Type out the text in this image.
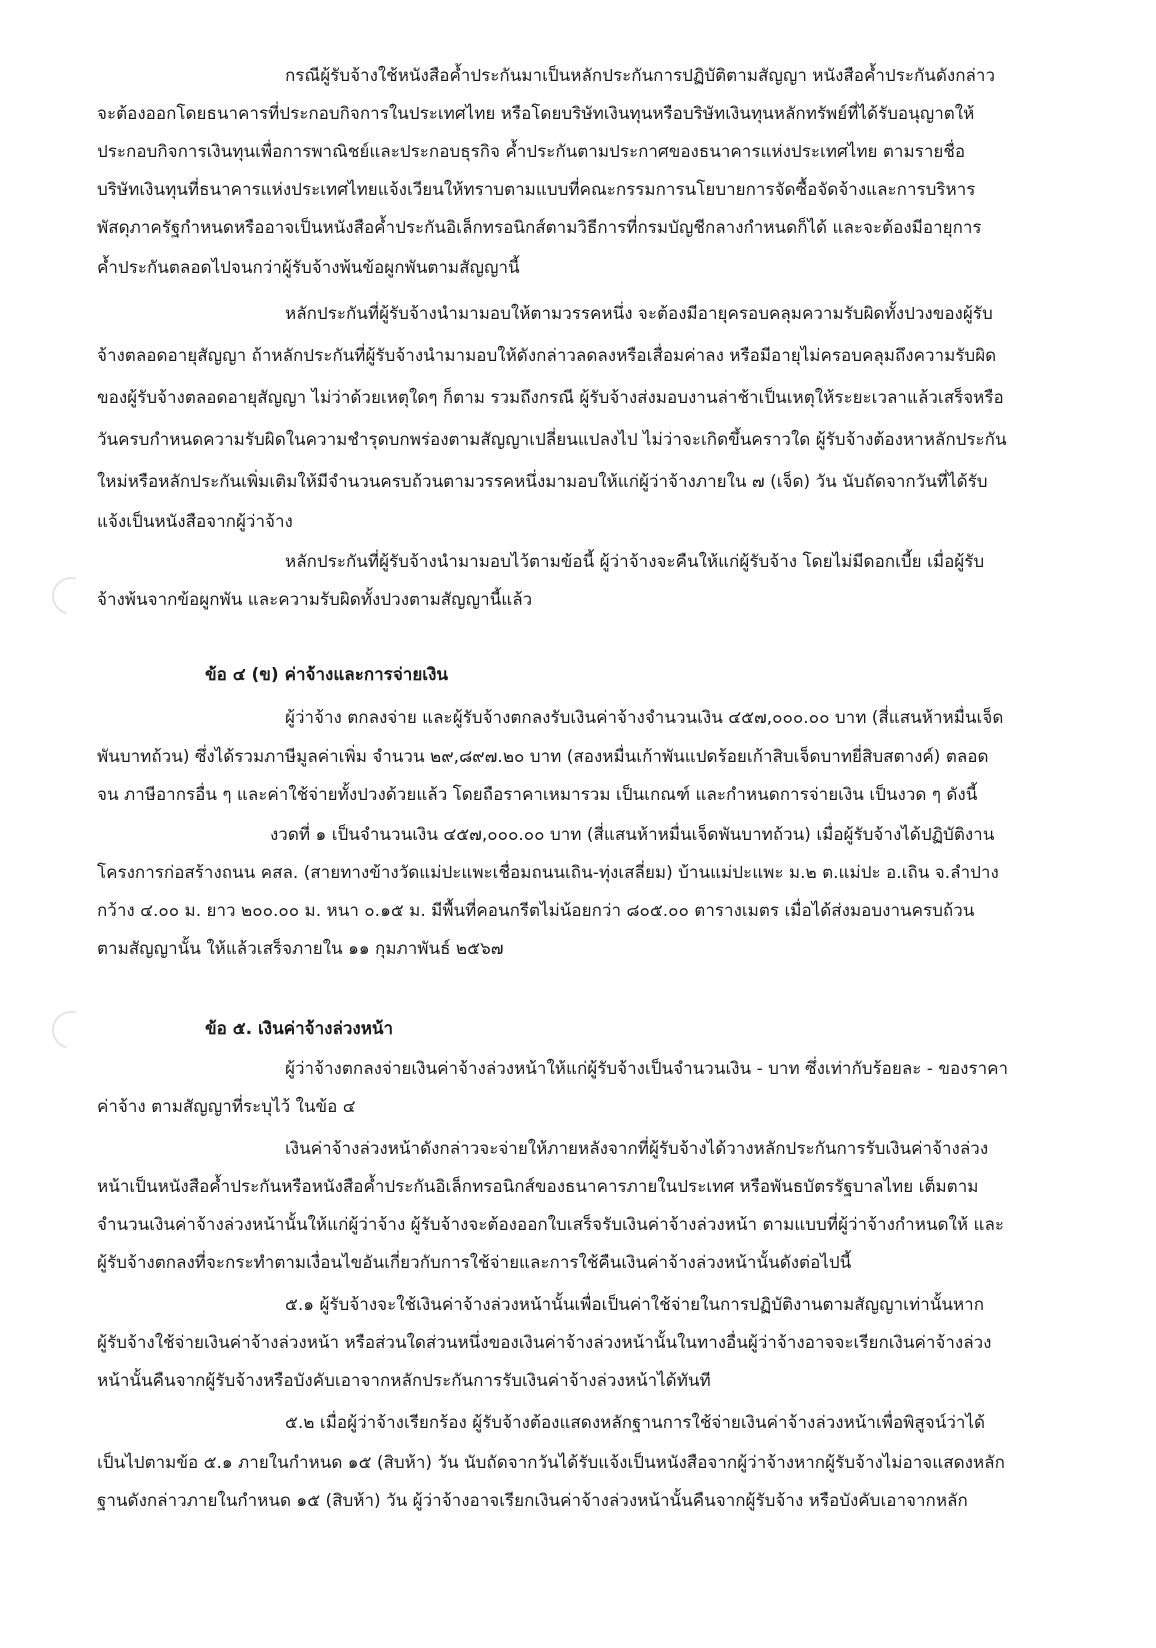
กรณีผู้รับจ้างใช้หนังสือค้ำประกันมาเป็นหลักประกันการปฏิบัติตามสัญญา หนังสือค้ำประกันดังกล่าว
จะต้องออกโดยธนาคารที่ประกอบกิจการในประเทศไทย หรือโดยบริษัทเงินทุนหรือบริษัทเงินทุนหลักทรัพย์ที่ได้รับอนุญาตให้
ประกอบกิจการเงินทุนเพื่อการพาณิชย์และประกอบธุรกิจ ค้ำประกันตามประกาศของธนาคารแห่งประเทศไทย ตามรายชื่อ
บริษัทเงินทุนที่ธนาคารแห่งประเทศไทยแจ้งเวียนให้ทราบตามแบบที่คณะกรรมการนโยบายการจัดซื้อจัดจ้างและการบริหาร
พัสดุภาครัฐกำหนดหรืออาจเป็นหนังสือค้ำประกันอิเล็กทรอนิกส์ตามวิธีการที่กรมบัญชีกลางกำหนดก็ได้ และจะต้องมีอายุการ
ค้ำประกันตลอดไปจนกว่าผู้รับจ้างพ้นข้อผูกพันตามสัญญานี้
หลักประกันที่ผู้รับจ้างนำมามอบให้ตามวรรคหนึ่ง จะต้องมีอายุครอบคลุมความรับผิดทั้งปวงของผู้รับ
จ้างตลอดอายุสัญญา ถ้าหลักประกันที่ผู้รับจ้างนำมามอบให้ดังกล่าวลดลงหรือเสื่อมค่าลง หรือมีอายุไม่ครอบคลุมถึงความรับผิด
ของผู้รับจ้างตลอดอายุสัญญา ไม่ว่าด้วยเหตุใดๆ ก็ตาม รวมถึงกรณี ผู้รับจ้างส่งมอบงานล่าช้าเป็นเหตุให้ระยะเวลาแล้วเสร็จหรือ
วันครบกำหนดความรับผิดในความชำรุดบกพร่องตามสัญญาเปลี่ยนแปลงไป ไม่ว่าจะเกิดขึ้นคราวใด ผู้รับจ้างต้องหาหลักประกัน
ใหม่หรือหลักประกันเพิ่มเติมให้มีจำนวนครบถ้วนตามวรรคหนึ่งมามอบให้แก่ผู้ว่าจ้างภายใน ๗ (เจ็ด) วัน นับถัดจากวันที่ได้รับ
แจ้งเป็นหนังสือจากผู้ว่าจ้าง
หลักประกันที่ผู้รับจ้างนำมามอบไว้ตามข้อนี้ ผู้ว่าจ้างจะคืนให้แก่ผู้รับจ้าง โดยไม่มีดอกเบี้ย เมื่อผู้รับ
จ้างพ้นจากข้อผูกพัน และความรับผิดทั้งปวงตามสัญญานี้แล้ว
ข้อ ๔ (ข) ค่าจ้างและการจ่ายเงิน
ผู้ว่าจ้าง ตกลงจ่าย และผู้รับจ้างตกลงรับเงินค่าจ้างจำนวนเงิน ๔๕๗,๐๐๐.๐๐ บาท (สี่แสนห้าหมื่นเจ็ด
พันบาทถ้วน) ซึ่งได้รวมภาษีมูลค่าเพิ่ม จำนวน ๒๙,๘๙๗.๒๐ บาท (สองหมื่นเก้าพันแปดร้อยเก้าสิบเจ็ดบาทยี่สิบสตางค์) ตลอด
จน ภาษีอากรอื่น ๆ และค่าใช้จ่ายทั้งปวงด้วยแล้ว โดยถือราคาเหมารวม เป็นเกณฑ์ และกำหนดการจ่ายเงิน เป็นงวด ๆ ดังนี้
งวดที่ ๑ เป็นจำนวนเงิน ๔๕๗,๐๐๐.๐๐ บาท (สี่แสนห้าหมื่นเจ็ดพันบาทถ้วน) เมื่อผู้รับจ้างได้ปฏิบัติงาน
โครงการก่อสร้างถนน คสล. (สายทางข้างวัดแม่ปะแพะเชื่อมถนนเถิน-ทุ่งเสลี่ยม) บ้านแม่ปะแพะ ม.๒ ต.แม่ปะ อ.เถิน จ.ลำปาง
กว้าง ๔.๐๐ ม. ยาว ๒๐๐.๐๐ ม. หนา ๐.๑๕ ม. มีพื้นที่คอนกรีตไม่น้อยกว่า ๘๐๕.๐๐ ตารางเมตร เมื่อได้ส่งมอบงานครบถ้วน
ตามสัญญานั้น ให้แล้วเสร็จภายใน ๑๑ กุมภาพันธ์ ๒๕๖๗
ข้อ ๕. เงินค่าจ้างล่วงหน้า
ผู้ว่าจ้างตกลงจ่ายเงินค่าจ้างล่วงหน้าให้แก่ผู้รับจ้างเป็นจำนวนเงิน - บาท ซึ่งเท่ากับร้อยละ - ของราคา
ค่าจ้าง ตามสัญญาที่ระบุไว้ ในข้อ ๔
เงินค่าจ้างล่วงหน้าดังกล่าวจะจ่ายให้ภายหลังจากที่ผู้รับจ้างได้วางหลักประกันการรับเงินค่าจ้างล่วง
หน้าเป็นหนังสือค้ำประกันหรือหนังสือค้ำประกันอิเล็กทรอนิกส์ของธนาคารภายในประเทศ หรือพันธบัตรรัฐบาลไทย เต็มตาม
จำนวนเงินค่าจ้างล่วงหน้านั้นให้แก่ผู้ว่าจ้าง ผู้รับจ้างจะต้องออกใบเสร็จรับเงินค่าจ้างล่วงหน้า ตามแบบที่ผู้ว่าจ้างกำหนดให้ และ
ผู้รับจ้างตกลงที่จะกระทำตามเงื่อนไขอันเกี่ยวกับการใช้จ่ายและการใช้คืนเงินค่าจ้างล่วงหน้านั้นดังต่อไปนี้
๕.๑ ผู้รับจ้างจะใช้เงินค่าจ้างล่วงหน้านั้นเพื่อเป็นค่าใช้จ่ายในการปฏิบัติงานตามสัญญาเท่านั้นหาก
ผู้รับจ้างใช้จ่ายเงินค่าจ้างล่วงหน้า หรือส่วนใดส่วนหนึ่งของเงินค่าจ้างล่วงหน้านั้นในทางอื่นผู้ว่าจ้างอาจจะเรียกเงินค่าจ้างล่วง
หน้านั้นคืนจากผู้รับจ้างหรือบังคับเอาจากหลักประกันการรับเงินค่าจ้างล่วงหน้าได้ทันที
๕.๒ เมื่อผู้ว่าจ้างเรียกร้อง ผู้รับจ้างต้องแสดงหลักฐานการใช้จ่ายเงินค่าจ้างล่วงหน้าเพื่อพิสูจน์ว่าได้
เป็นไปตามข้อ ๕.๑ ภายในกำหนด ๑๕ (สิบห้า) วัน นับถัดจากวันได้รับแจ้งเป็นหนังสือจากผู้ว่าจ้างหากผู้รับจ้างไม่อาจแสดงหลัก
ฐานดังกล่าวภายในกำหนด ๑๕ (สิบห้า) วัน ผู้ว่าจ้างอาจเรียกเงินค่าจ้างล่วงหน้านั้นคืนจากผู้รับจ้าง หรือบังคับเอาจากหลัก
